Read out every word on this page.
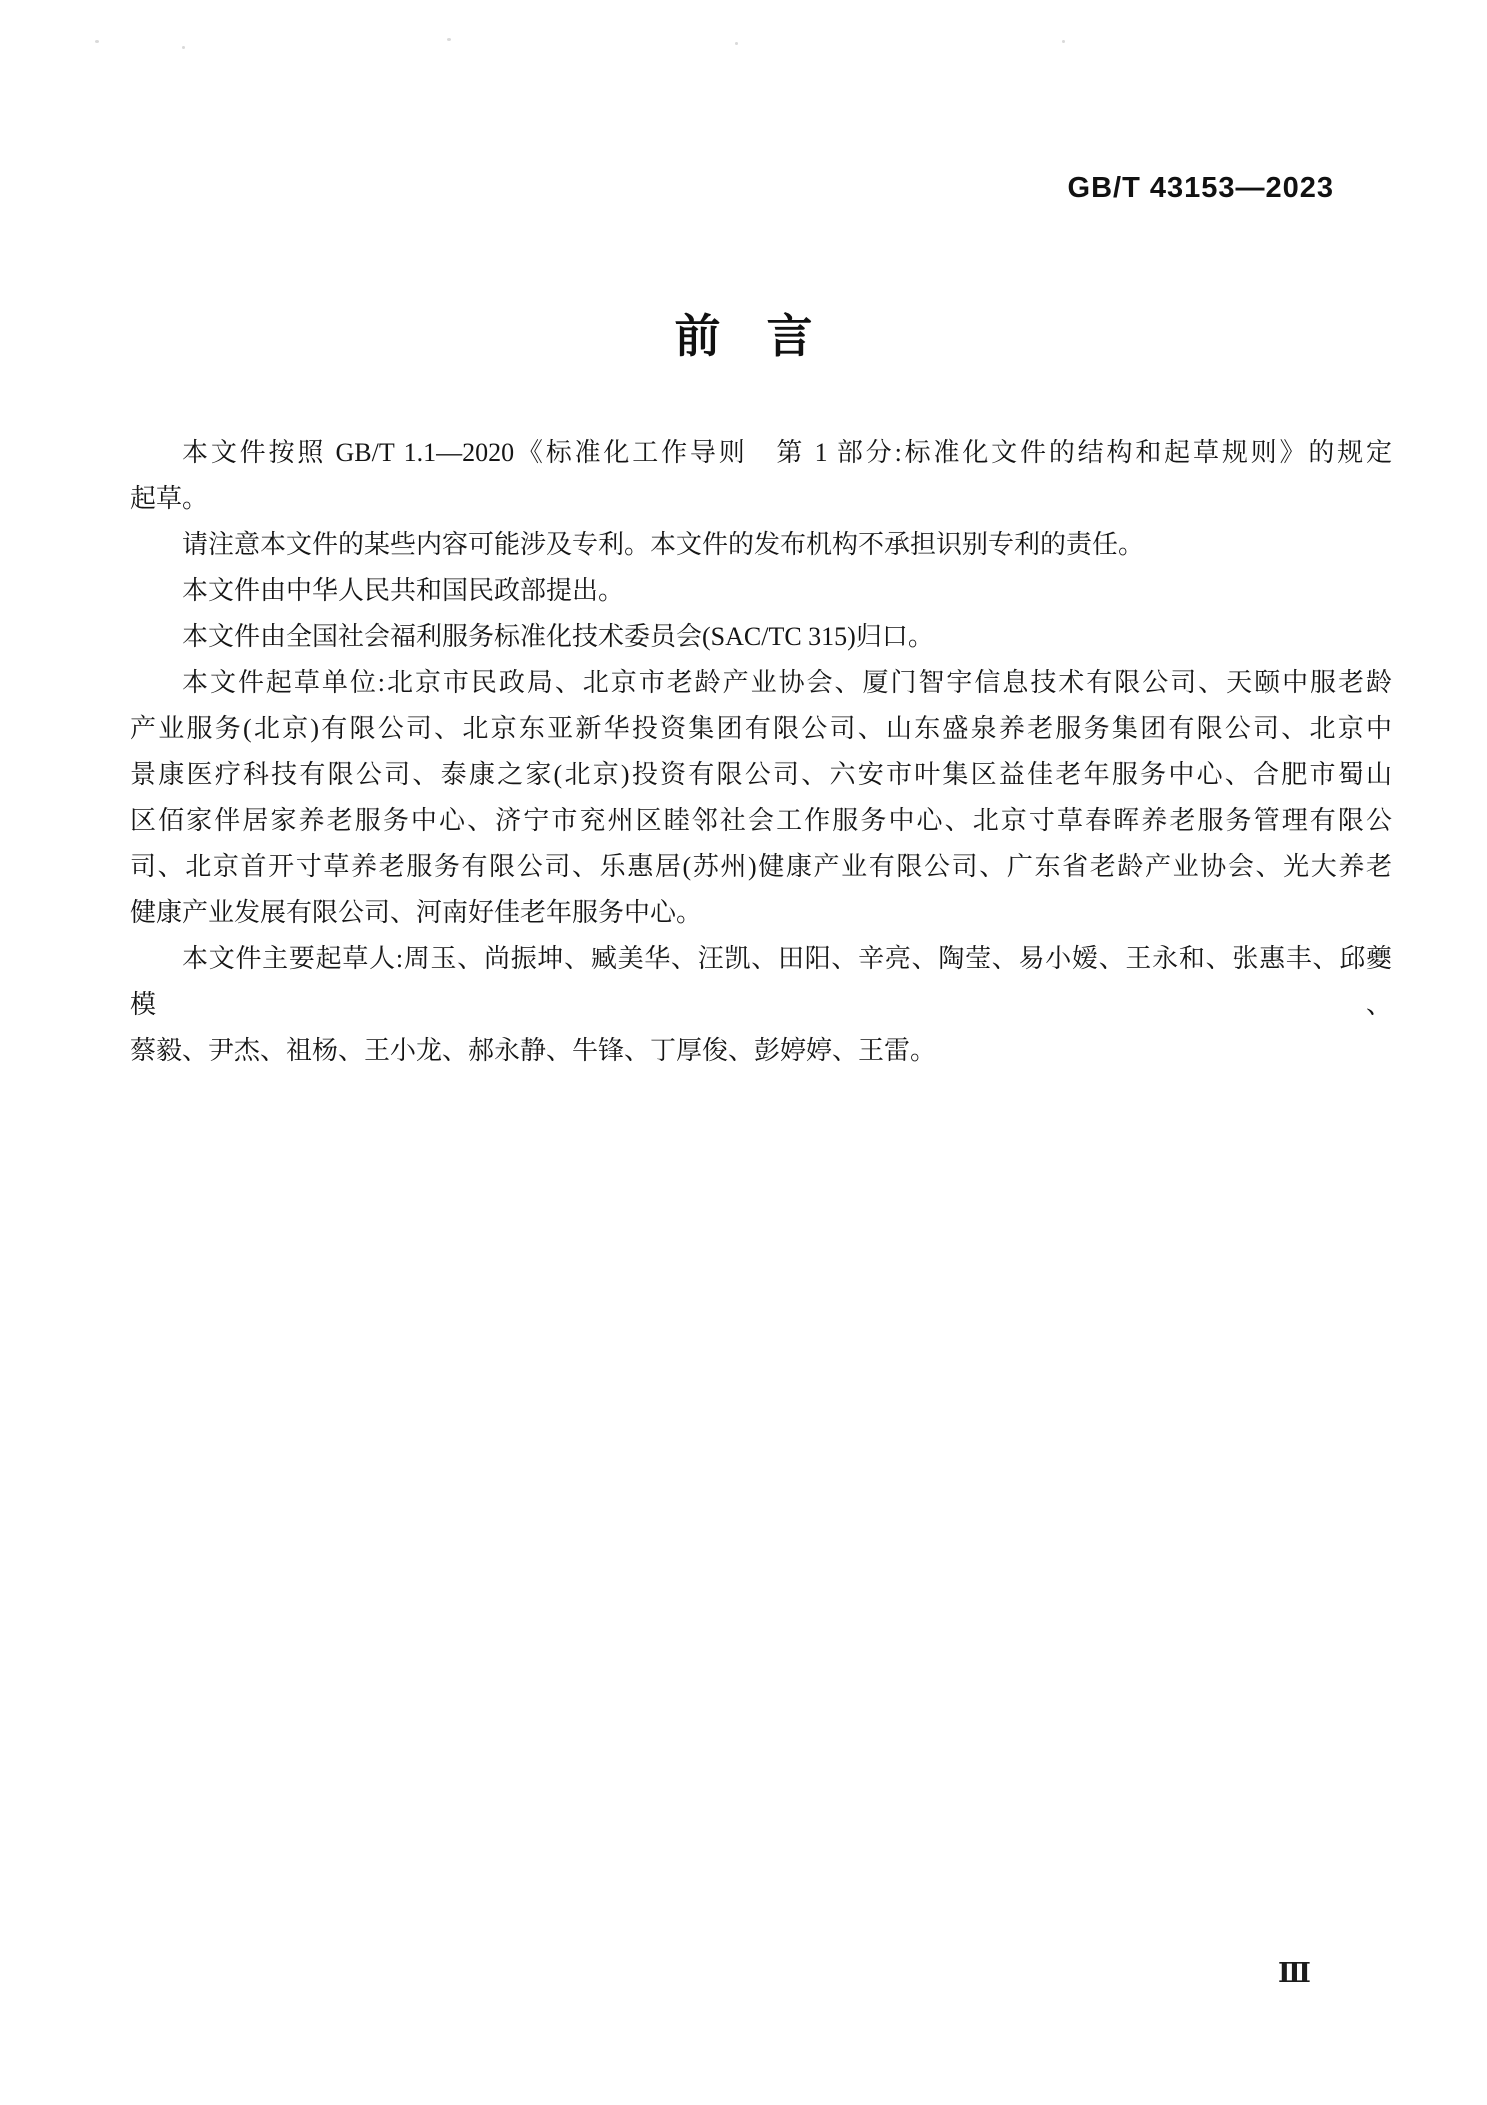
GB/T 43153—2023
前　言
本文件按照 GB/T 1.1—2020《标准化工作导则　第 1 部分:标准化文件的结构和起草规则》的规定
起草。
请注意本文件的某些内容可能涉及专利。本文件的发布机构不承担识别专利的责任。
本文件由中华人民共和国民政部提出。
本文件由全国社会福利服务标准化技术委员会(SAC/TC 315)归口。
本文件起草单位:北京市民政局、北京市老龄产业协会、厦门智宇信息技术有限公司、天颐中服老龄
产业服务(北京)有限公司、北京东亚新华投资集团有限公司、山东盛泉养老服务集团有限公司、北京中
景康医疗科技有限公司、泰康之家(北京)投资有限公司、六安市叶集区益佳老年服务中心、合肥市蜀山
区佰家伴居家养老服务中心、济宁市兖州区睦邻社会工作服务中心、北京寸草春晖养老服务管理有限公
司、北京首开寸草养老服务有限公司、乐惠居(苏州)健康产业有限公司、广东省老龄产业协会、光大养老
健康产业发展有限公司、河南好佳老年服务中心。
本文件主要起草人:周玉、尚振坤、臧美华、汪凯、田阳、辛亮、陶莹、易小嫒、王永和、张惠丰、邱夔模、
蔡毅、尹杰、祖杨、王小龙、郝永静、牛锋、丁厚俊、彭婷婷、王雷。
Ⅲ
